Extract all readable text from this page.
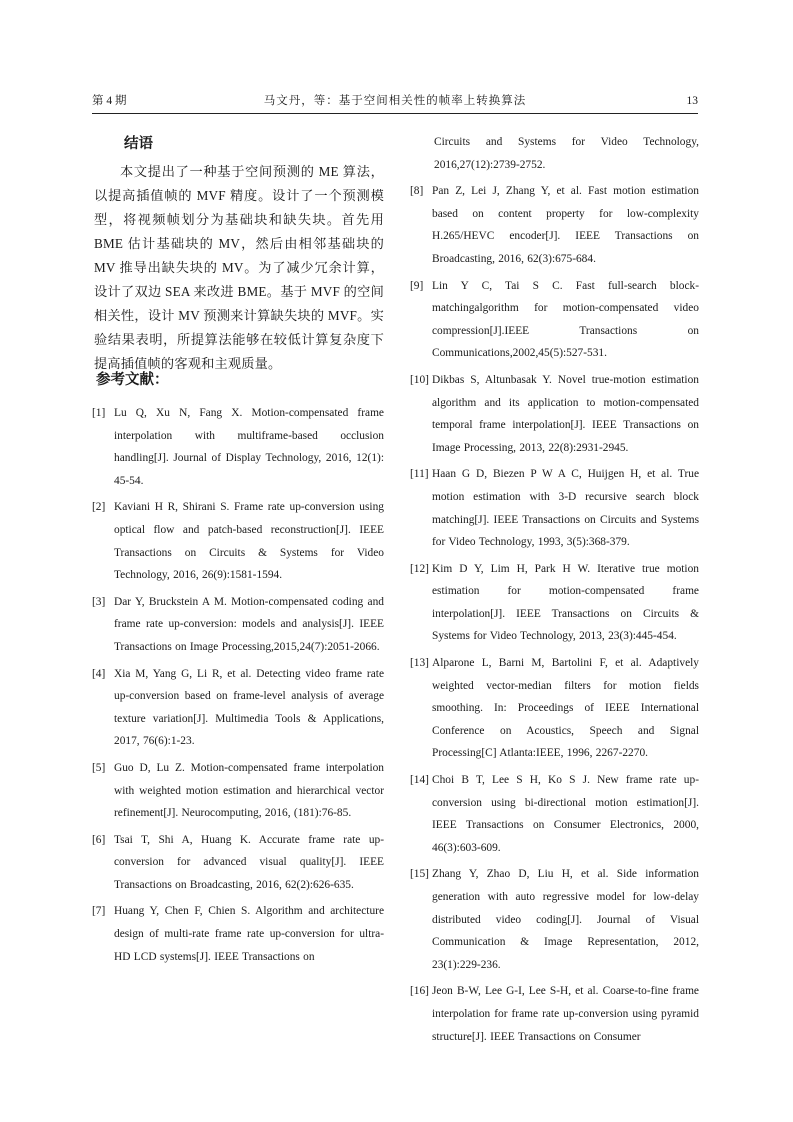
第 4 期	马文丹，等：基于空间相关性的帧率上转换算法	13
结语
本文提出了一种基于空间预测的 ME 算法，以提高插值帧的 MVF 精度。设计了一个预测模型，将视频帧划分为基础块和缺失块。首先用 BME 估计基础块的 MV，然后由相邻基础块的 MV 推导出缺失块的 MV。为了减少冗余计算，设计了双边 SEA 来改进 BME。基于 MVF 的空间相关性，设计 MV 预测来计算缺失块的 MVF。实验结果表明，所提算法能够在较低计算复杂度下提高插值帧的客观和主观质量。
参考文献：

[1] Lu Q, Xu N, Fang X. Motion-compensated frame interpolation with multiframe-based occlusion handling[J]. Journal of Display Technology, 2016, 12(1): 45-54.

[2] Kaviani H R, Shirani S. Frame rate up-conversion using optical flow and patch-based reconstruction[J]. IEEE Transactions on Circuits & Systems for Video Technology, 2016, 26(9):1581-1594.

[3] Dar Y, Bruckstein A M. Motion-compensated coding and frame rate up-conversion: models and analysis[J]. IEEE Transactions on Image Processing,2015,24(7):2051-2066.

[4] Xia M, Yang G, Li R, et al. Detecting video frame rate up-conversion based on frame-level analysis of average texture variation[J]. Multimedia Tools & Applications, 2017, 76(6):1-23.

[5] Guo D, Lu Z. Motion-compensated frame interpolation with weighted motion estimation and hierarchical vector refinement[J]. Neurocomputing, 2016, (181):76-85.

[6] Tsai T, Shi A, Huang K. Accurate frame rate up-conversion for advanced visual quality[J]. IEEE Transactions on Broadcasting, 2016, 62(2):626-635.

[7] Huang Y, Chen F, Chien S. Algorithm and architecture design of multi-rate frame rate up-conversion for ultra-HD LCD systems[J]. IEEE Transactions on

Circuits and Systems for Video Technology, 2016,27(12):2739-2752.

[8] Pan Z, Lei J, Zhang Y, et al. Fast motion estimation based on content property for low-complexity H.265/HEVC encoder[J]. IEEE Transactions on Broadcasting, 2016, 62(3):675-684.

[9] Lin Y C, Tai S C. Fast full-search block-matchingalgorithm for motion-compensated video compression[J].IEEE Transactions on Communications,2002,45(5):527-531.

[10] Dikbas S, Altunbasak Y. Novel true-motion estimation algorithm and its application to motion-compensated temporal frame interpolation[J]. IEEE Transactions on Image Processing, 2013, 22(8):2931-2945.

[11] Haan G D, Biezen P W A C, Huijgen H, et al. True motion estimation with 3-D recursive search block matching[J]. IEEE Transactions on Circuits and Systems for Video Technology, 1993, 3(5):368-379.

[12] Kim D Y, Lim H, Park H W. Iterative true motion estimation for motion-compensated frame interpolation[J]. IEEE Transactions on Circuits & Systems for Video Technology, 2013, 23(3):445-454.

[13] Alparone L, Barni M, Bartolini F, et al. Adaptively weighted vector-median filters for motion fields smoothing. In: Proceedings of IEEE International Conference on Acoustics, Speech and Signal Processing[C] Atlanta:IEEE, 1996, 2267-2270.

[14] Choi B T, Lee S H, Ko S J. New frame rate up-conversion using bi-directional motion estimation[J]. IEEE Transactions on Consumer Electronics, 2000, 46(3):603-609.

[15] Zhang Y, Zhao D, Liu H, et al. Side information generation with auto regressive model for low-delay distributed video coding[J]. Journal of Visual Communication & Image Representation, 2012, 23(1):229-236.

[16] Jeon B-W, Lee G-I, Lee S-H, et al. Coarse-to-fine frame interpolation for frame rate up-conversion using pyramid structure[J]. IEEE Transactions on Consumer
